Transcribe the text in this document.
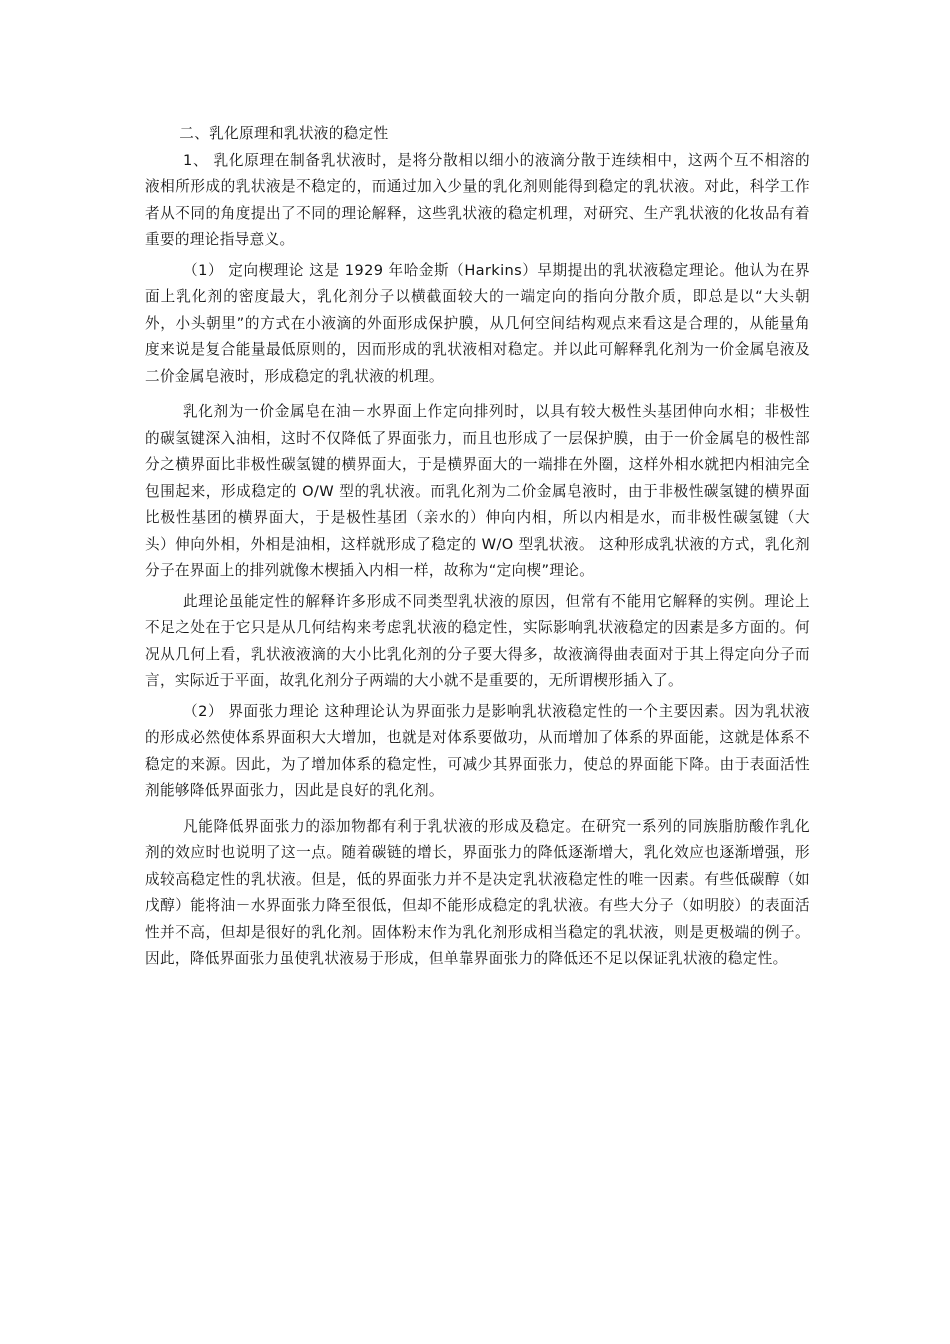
二、乳化原理和乳状液的稳定性

1、 乳化原理在制备乳状液时，是将分散相以细小的液滴分散于连续相中，这两个互不相溶的液相所形成的乳状液是不稳定的，而通过加入少量的乳化剂则能得到稳定的乳状液。对此，科学工作者从不同的角度提出了不同的理论解释，这些乳状液的稳定机理，对研究、生产乳状液的化妆品有着重要的理论指导意义。

（1） 定向楔理论 这是 1929 年哈金斯（Harkins）早期提出的乳状液稳定理论。他认为在界面上乳化剂的密度最大，乳化剂分子以横截面较大的一端定向的指向分散介质，即总是以“大头朝外，小头朝里”的方式在小液滴的外面形成保护膜，从几何空间结构观点来看这是合理的，从能量角度来说是复合能量最低原则的，因而形成的乳状液相对稳定。并以此可解释乳化剂为一价金属皂液及二价金属皂液时，形成稳定的乳状液的机理。

乳化剂为一价金属皂在油－水界面上作定向排列时，以具有较大极性头基团伸向水相；非极性的碳氢键深入油相，这时不仅降低了界面张力，而且也形成了一层保护膜，由于一价金属皂的极性部分之横界面比非极性碳氢键的横界面大，于是横界面大的一端排在外圈，这样外相水就把内相油完全包围起来，形成稳定的 O/W 型的乳状液。而乳化剂为二价金属皂液时，由于非极性碳氢键的横界面比极性基团的横界面大，于是极性基团（亲水的）伸向内相，所以内相是水，而非极性碳氢键（大头）伸向外相，外相是油相，这样就形成了稳定的 W/O 型乳状液。 这种形成乳状液的方式，乳化剂分子在界面上的排列就像木楔插入内相一样，故称为“定向楔”理论。

此理论虽能定性的解释许多形成不同类型乳状液的原因，但常有不能用它解释的实例。理论上不足之处在于它只是从几何结构来考虑乳状液的稳定性，实际影响乳状液稳定的因素是多方面的。何况从几何上看，乳状液液滴的大小比乳化剂的分子要大得多，故液滴得曲表面对于其上得定向分子而言，实际近于平面，故乳化剂分子两端的大小就不是重要的，无所谓楔形插入了。

（2） 界面张力理论 这种理论认为界面张力是影响乳状液稳定性的一个主要因素。因为乳状液的形成必然使体系界面积大大增加，也就是对体系要做功，从而增加了体系的界面能，这就是体系不稳定的来源。因此，为了增加体系的稳定性，可减少其界面张力，使总的界面能下降。由于表面活性剂能够降低界面张力，因此是良好的乳化剂。

凡能降低界面张力的添加物都有利于乳状液的形成及稳定。在研究一系列的同族脂肪酸作乳化剂的效应时也说明了这一点。随着碳链的增长，界面张力的降低逐渐增大，乳化效应也逐渐增强，形成较高稳定性的乳状液。但是，低的界面张力并不是决定乳状液稳定性的唯一因素。有些低碳醇（如戊醇）能将油－水界面张力降至很低，但却不能形成稳定的乳状液。有些大分子（如明胶）的表面活性并不高，但却是很好的乳化剂。固体粉末作为乳化剂形成相当稳定的乳状液，则是更极端的例子。因此，降低界面张力虽使乳状液易于形成，但单靠界面张力的降低还不足以保证乳状液的稳定性。
